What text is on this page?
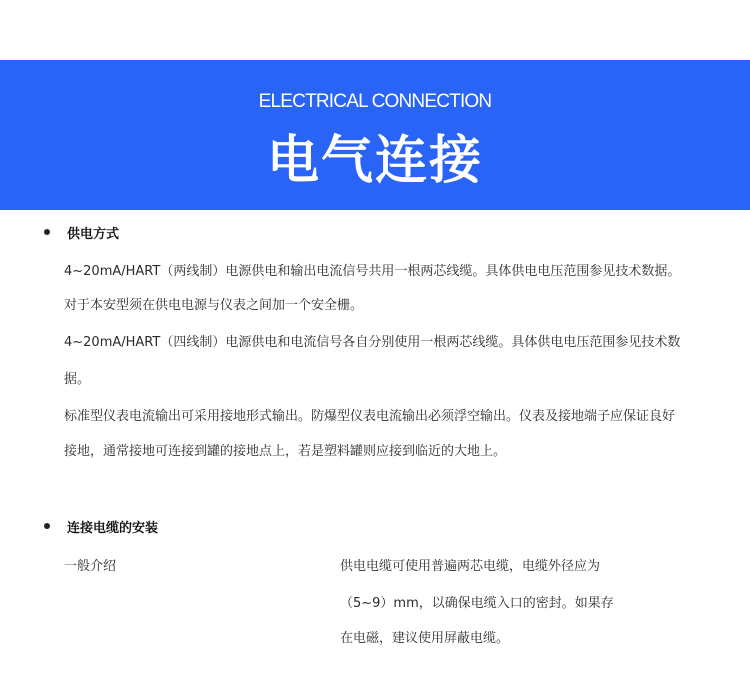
ELECTRICAL CONNECTION
电气连接
供电方式
4~20mA/HART（两线制）电源供电和输出电流信号共用一根两芯线缆。具体供电电压范围参见技术数据。
对于本安型须在供电电源与仪表之间加一个安全栅。
4~20mA/HART（四线制）电源供电和电流信号各自分别使用一根两芯线缆。具体供电电压范围参见技术数
据。
标准型仪表电流输出可采用接地形式输出。防爆型仪表电流输出必须浮空输出。仪表及接地端子应保证良好
接地，通常接地可连接到罐的接地点上，若是塑料罐则应接到临近的大地上。
连接电缆的安装
一般介绍	供电电缆可使用普遍两芯电缆，电缆外径应为
（5~9）mm，以确保电缆入口的密封。如果存
在电磁，建议使用屏蔽电缆。
